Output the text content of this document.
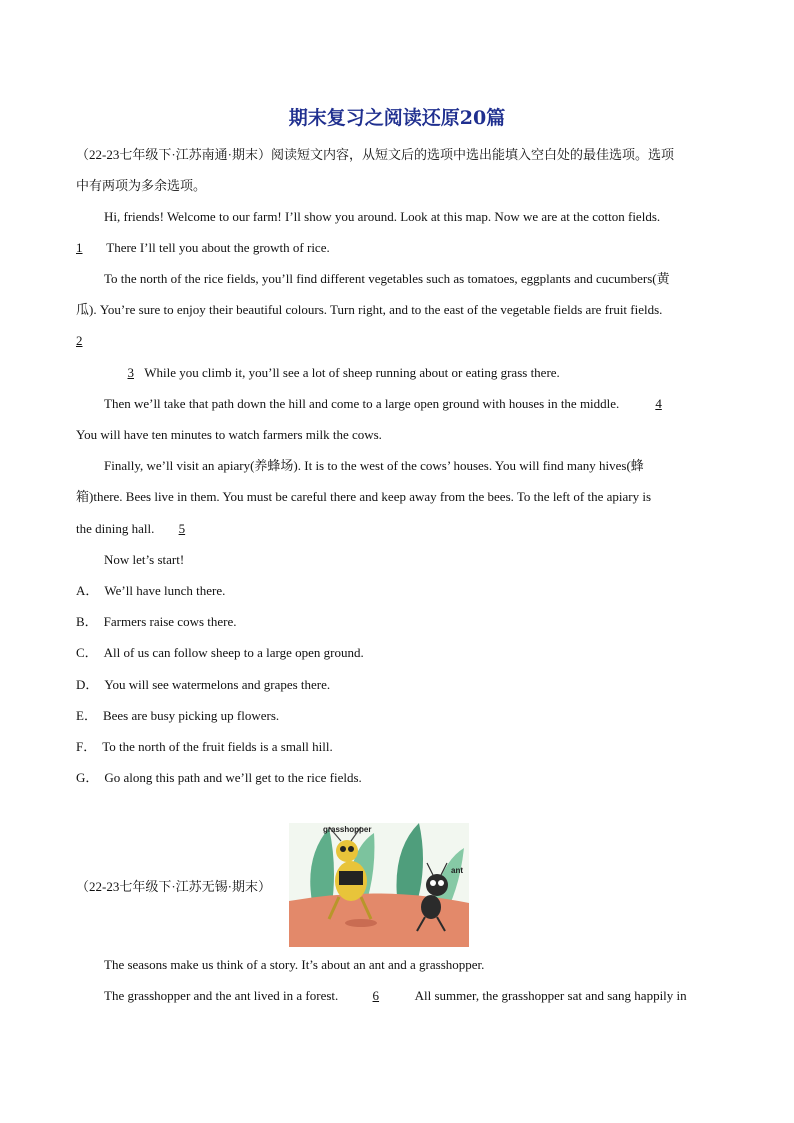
期末复习之阅读还原20篇
（22-23七年级下·江苏南通·期末）阅读短文内容，从短文后的选项中选出能填入空白处的最佳选项。选项
中有两项为多余选项。
Hi, friends! Welcome to our farm! I’ll show you around. Look at this map. Now we are at the cotton fields.
1 There I’ll tell you about the growth of rice.
To the north of the rice fields, you’ll find different vegetables such as tomatoes, eggplants and cucumbers(黄
瓜). You’re sure to enjoy their beautiful colours. Turn right, and to the east of the vegetable fields are fruit fields.
2
3 While you climb it, you’ll see a lot of sheep running about or eating grass there.
Then we’ll take that path down the hill and come to a large open ground with houses in the middle.	4
You will have ten minutes to watch farmers milk the cows.
Finally, we’ll visit an apiary(养蜂场). It is to the west of the cows’ houses. You will find many hives(蜂
箱)there. Bees live in them. You must be careful there and keep away from the bees. To the left of the apiary is
the dining hall. 5
Now let’s start!
A． We’ll have lunch there.
B． Farmers raise cows there.
C． All of us can follow sheep to a large open ground.
D． You will see watermelons and grapes there.
E． Bees are busy picking up flowers.
F． To the north of the fruit fields is a small hill.
G． Go along this path and we’ll get to the rice fields.
（22-23七年级下·江苏无锡·期末）
grasshopper
ant
The seasons make us think of a story. It’s about an ant and a grasshopper.
The grasshopper and the ant lived in a forest.	6	All summer, the grasshopper sat and sang happily in
